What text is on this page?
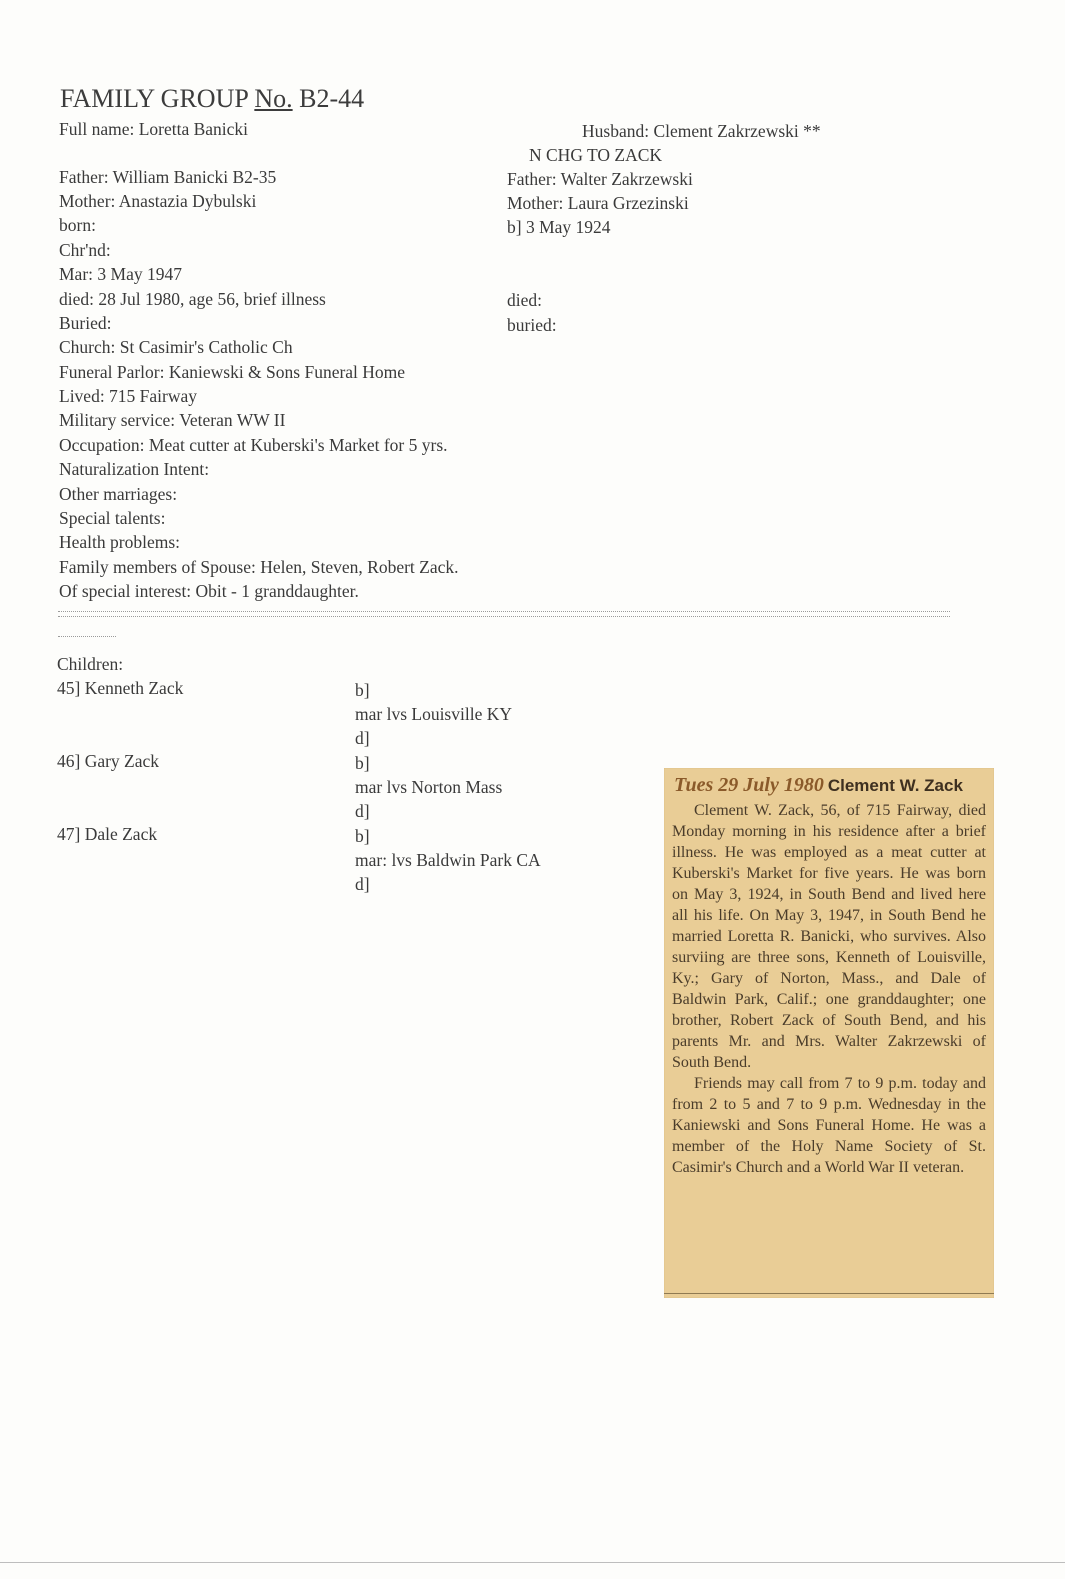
FAMILY GROUP No. B2-44

Full name: Loretta Banicki

Father: William Banicki B2-35

Mother: Anastazia Dybulski

born:

Chr'nd:

Mar: 3 May 1947

died: 28 Jul 1980, age 56, brief illness

Buried:

Church: St Casimir's Catholic Ch

Funeral Parlor: Kaniewski & Sons Funeral Home

Lived: 715 Fairway

Military service: Veteran WW II

Occupation: Meat cutter at Kuberski's Market for 5 yrs.

Naturalization Intent:

Other marriages:

Special talents:

Health problems:

Family members of Spouse: Helen, Steven, Robert Zack.

Of special interest: Obit - 1 granddaughter.

Husband: Clement Zakrzewski **

N CHG TO ZACK

Father: Walter Zakrzewski

Mother: Laura Grzezinski

b] 3 May 1924

died:

buried:

Children:

45] Kenneth Zack	b]

mar lvs Louisville KY

d]

46] Gary Zack	b]

mar lvs Norton Mass

d]

47] Dale Zack	b]

mar: lvs Baldwin Park CA

d]

Tues 29 July 1980 Clement W. Zack

Clement W. Zack, 56, of 715 Fairway, died Monday morning in his residence after a brief illness. He was employed as a meat cutter at Kuberski's Market for five years. He was born on May 3, 1924, in South Bend and lived here all his life. On May 3, 1947, in South Bend he married Loretta R. Banicki, who survives. Also surviing are three sons, Kenneth of Louisville, Ky.; Gary of Norton, Mass., and Dale of Baldwin Park, Calif.; one granddaughter; one brother, Robert Zack of South Bend, and his parents Mr. and Mrs. Walter Zakrzewski of South Bend.

Friends may call from 7 to 9 p.m. today and from 2 to 5 and 7 to 9 p.m. Wednesday in the Kaniewski and Sons Funeral Home. He was a member of the Holy Name Society of St. Casimir's Church and a World War II veteran.
